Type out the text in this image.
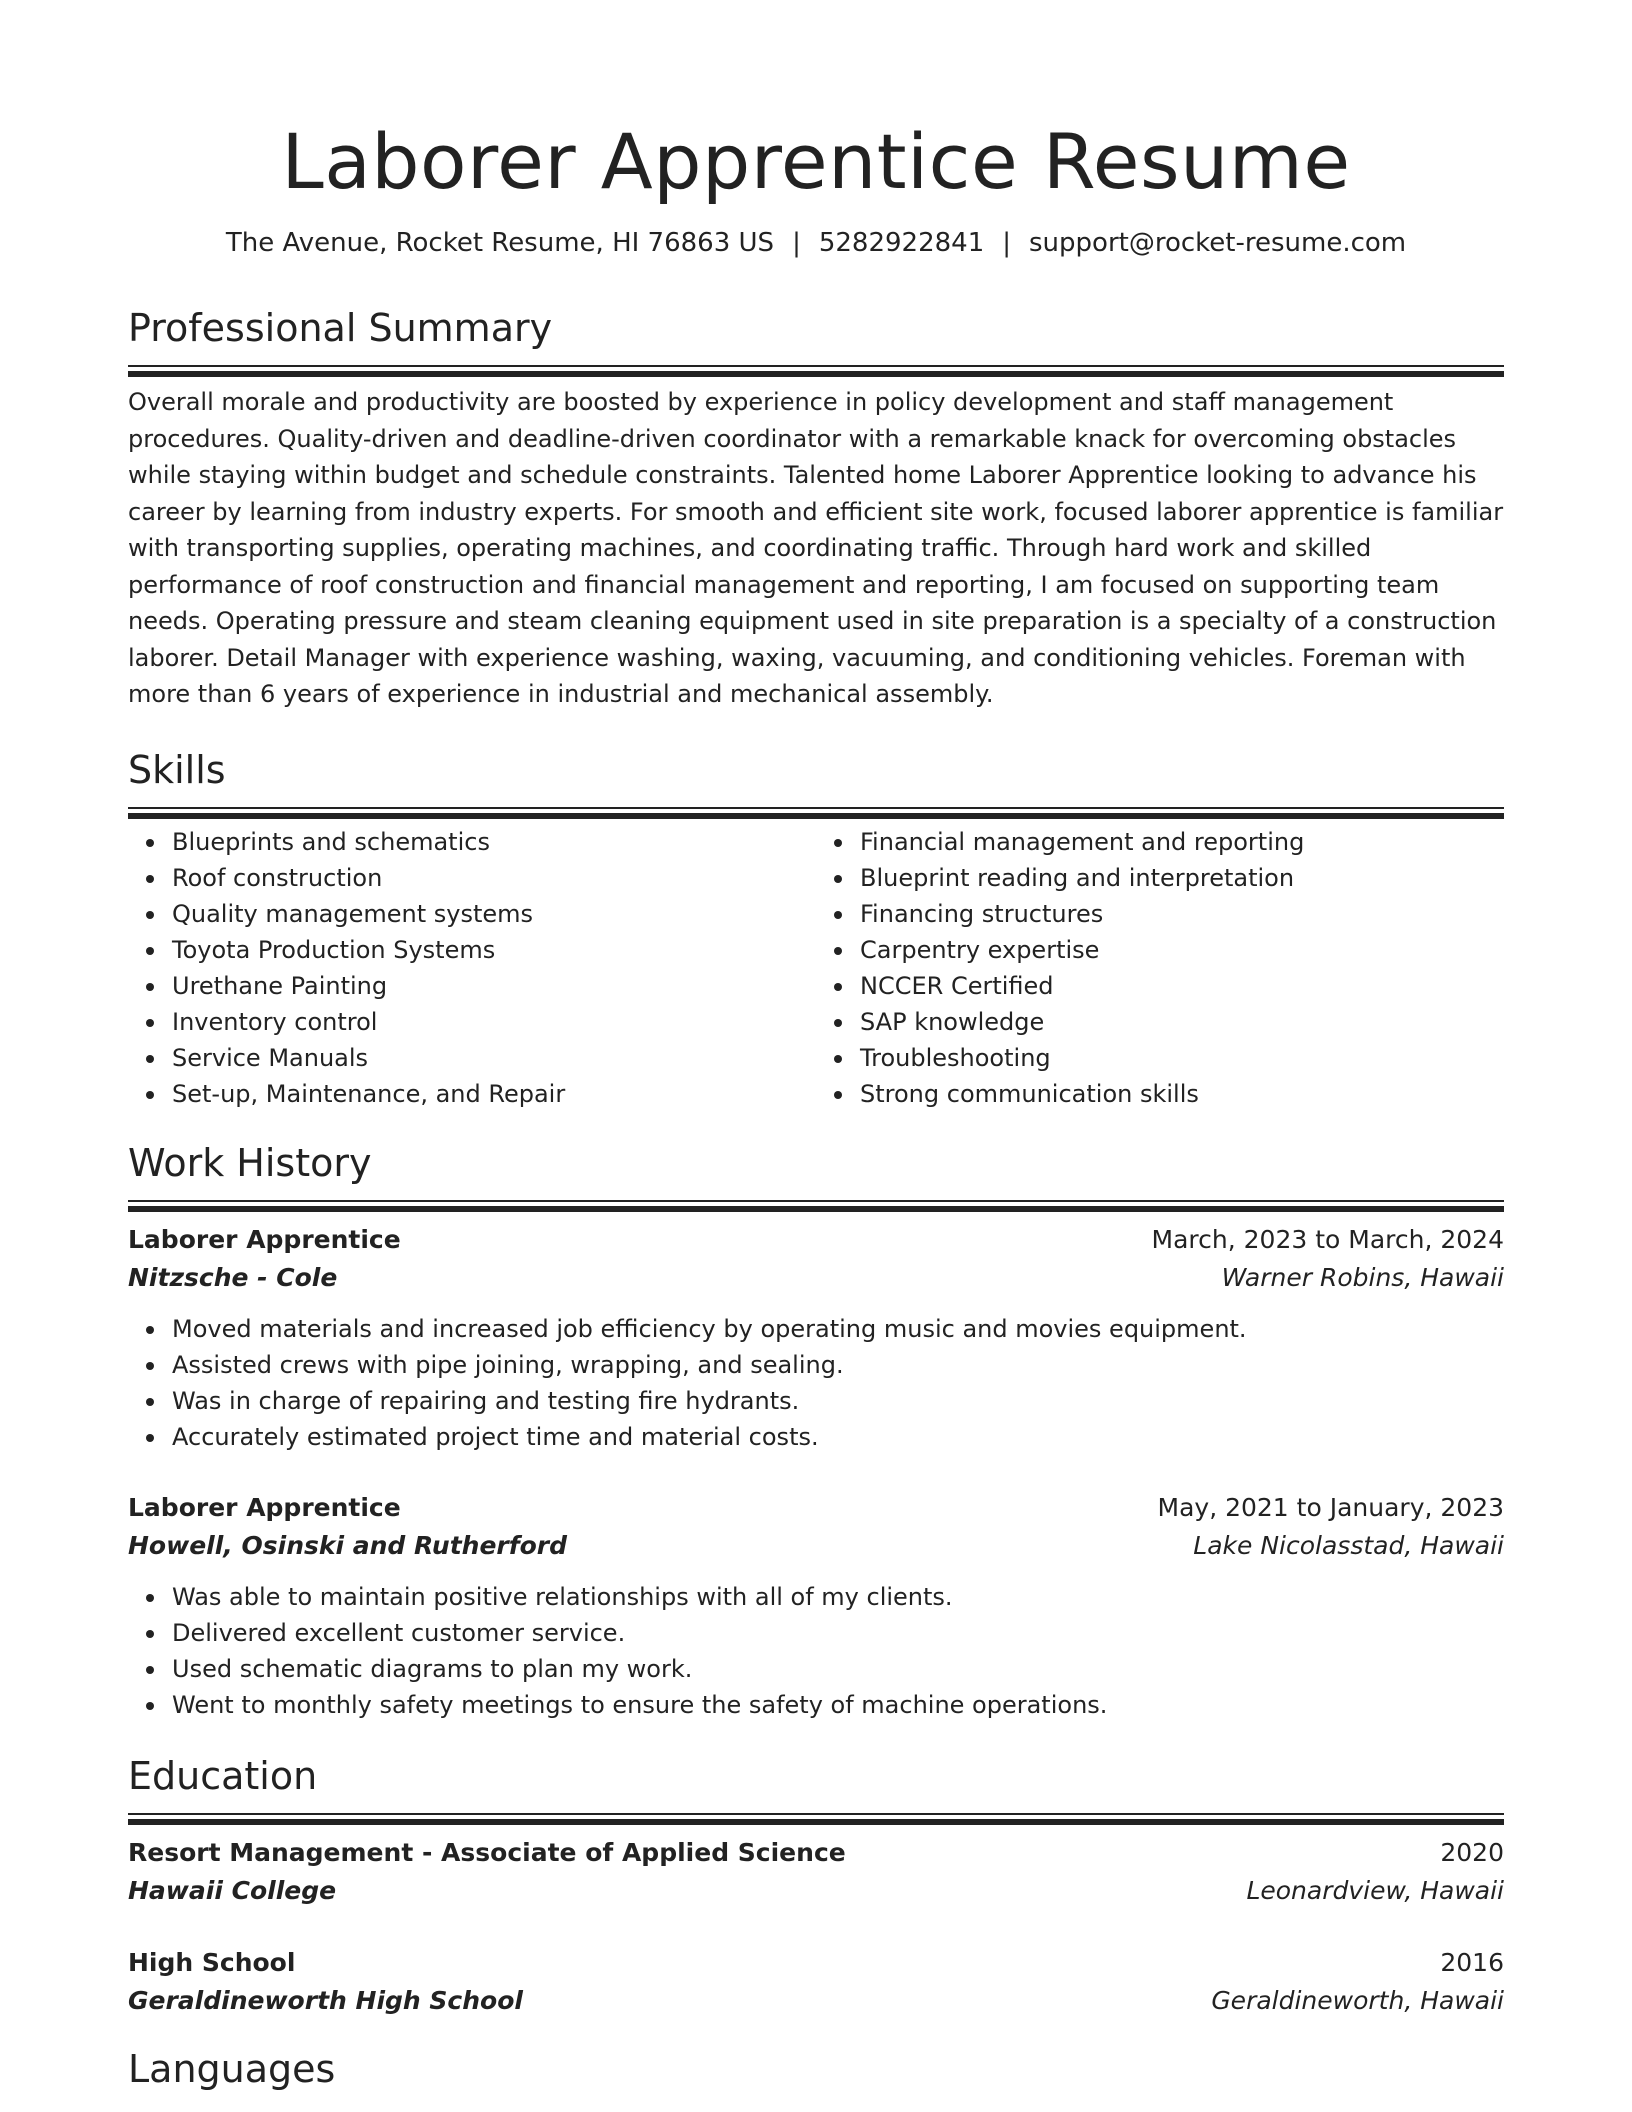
Laborer Apprentice Resume
The Avenue, Rocket Resume, HI 76863 US | 5282922841 | support@rocket-resume.com
Professional Summary

Overall morale and productivity are boosted by experience in policy development and staff management procedures. Quality-driven and deadline-driven coordinator with a remarkable knack for overcoming obstacles while staying within budget and schedule constraints. Talented home Laborer Apprentice looking to advance his career by learning from industry experts. For smooth and efficient site work, focused laborer apprentice is familiar with transporting supplies, operating machines, and coordinating traffic. Through hard work and skilled performance of roof construction and financial management and reporting, I am focused on supporting team needs. Operating pressure and steam cleaning equipment used in site preparation is a specialty of a construction laborer. Detail Manager with experience washing, waxing, vacuuming, and conditioning vehicles. Foreman with more than 6 years of experience in industrial and mechanical assembly.

Skills
Blueprints and schematics
Roof construction
Quality management systems
Toyota Production Systems
Urethane Painting
Inventory control
Service Manuals
Set-up, Maintenance, and Repair
Financial management and reporting
Blueprint reading and interpretation
Financing structures
Carpentry expertise
NCCER Certified
SAP knowledge
Troubleshooting
Strong communication skills
Work History
Laborer Apprentice	March, 2023 to March, 2024
Nitzsche - Cole	Warner Robins, Hawaii
Moved materials and increased job efficiency by operating music and movies equipment.
Assisted crews with pipe joining, wrapping, and sealing.
Was in charge of repairing and testing fire hydrants.
Accurately estimated project time and material costs.
Laborer Apprentice	May, 2021 to January, 2023
Howell, Osinski and Rutherford	Lake Nicolasstad, Hawaii
Was able to maintain positive relationships with all of my clients.
Delivered excellent customer service.
Used schematic diagrams to plan my work.
Went to monthly safety meetings to ensure the safety of machine operations.
Education
Resort Management - Associate of Applied Science	2020
Hawaii College	Leonardview, Hawaii
High School	2016
Geraldineworth High School	Geraldineworth, Hawaii
Languages
